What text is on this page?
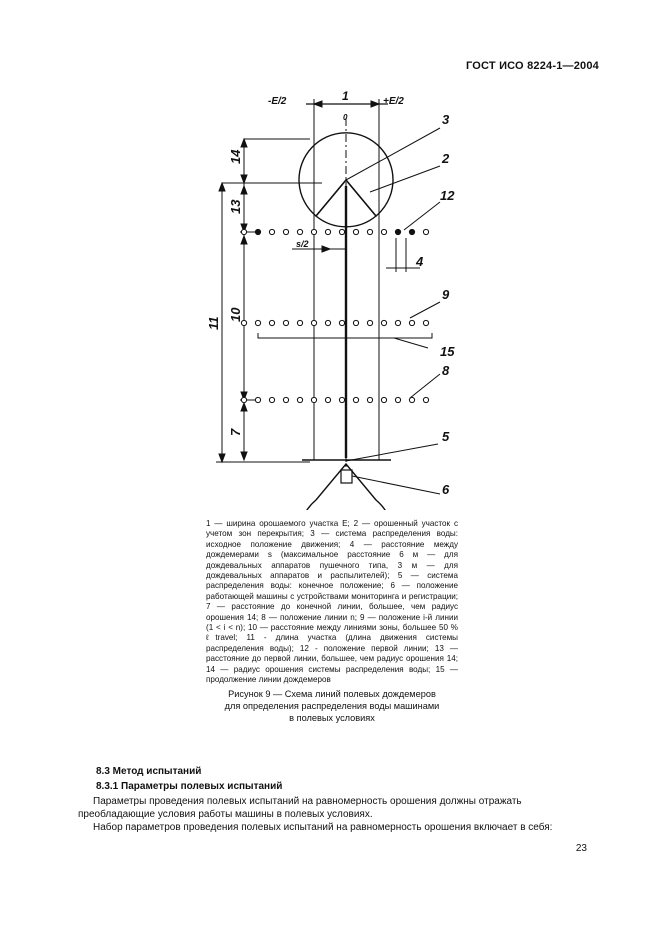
ГОСТ ИСО 8224-1—2004
-E/2	+E/2
1
0	3
2
12
4
9
15
8
5
6
s/2
14
13
10
11
7
1 — ширина орошаемого участка E; 2 — орошенный участок с учетом зон перекрытия; 3 — система распределения воды: исходное положение движения; 4 — расстояние между дождемерами s (максимальное расстояние 6 м — для дождевальных аппаратов пушечного типа, 3 м — для дождевальных аппаратов и распылителей); 5 — система распределения воды: конечное положение; 6 — положение работающей машины с устройствами мониторинга и регистрации; 7 — расстояние до конечной линии, большее, чем радиус орошения 14; 8 — положение линии n; 9 — положение i-й линии (1 < i < n); 10 — расстояние между линиями зоны, большее 50 % ℓtravel; 11 - длина участка (длина движения системы распределения воды); 12 - положение первой линии; 13 — расстояние до первой линии, большее, чем радиус орошения 14; 14 — радиус орошения системы распределения воды; 15 — продолжение линии дождемеров
Рисунок 9 — Схема линий полевых дождемеров
для определения распределения воды машинами
в полевых условиях
8.3 Метод испытаний
8.3.1 Параметры полевых испытаний
Параметры проведения полевых испытаний на равномерность орошения должны отражать преобладающие условия работы машины в полевых условиях.
Набор параметров проведения полевых испытаний на равномерность орошения включает в себя:
23
